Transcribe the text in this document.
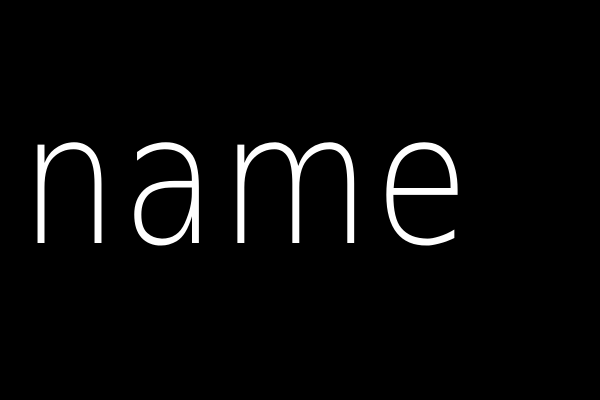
name
